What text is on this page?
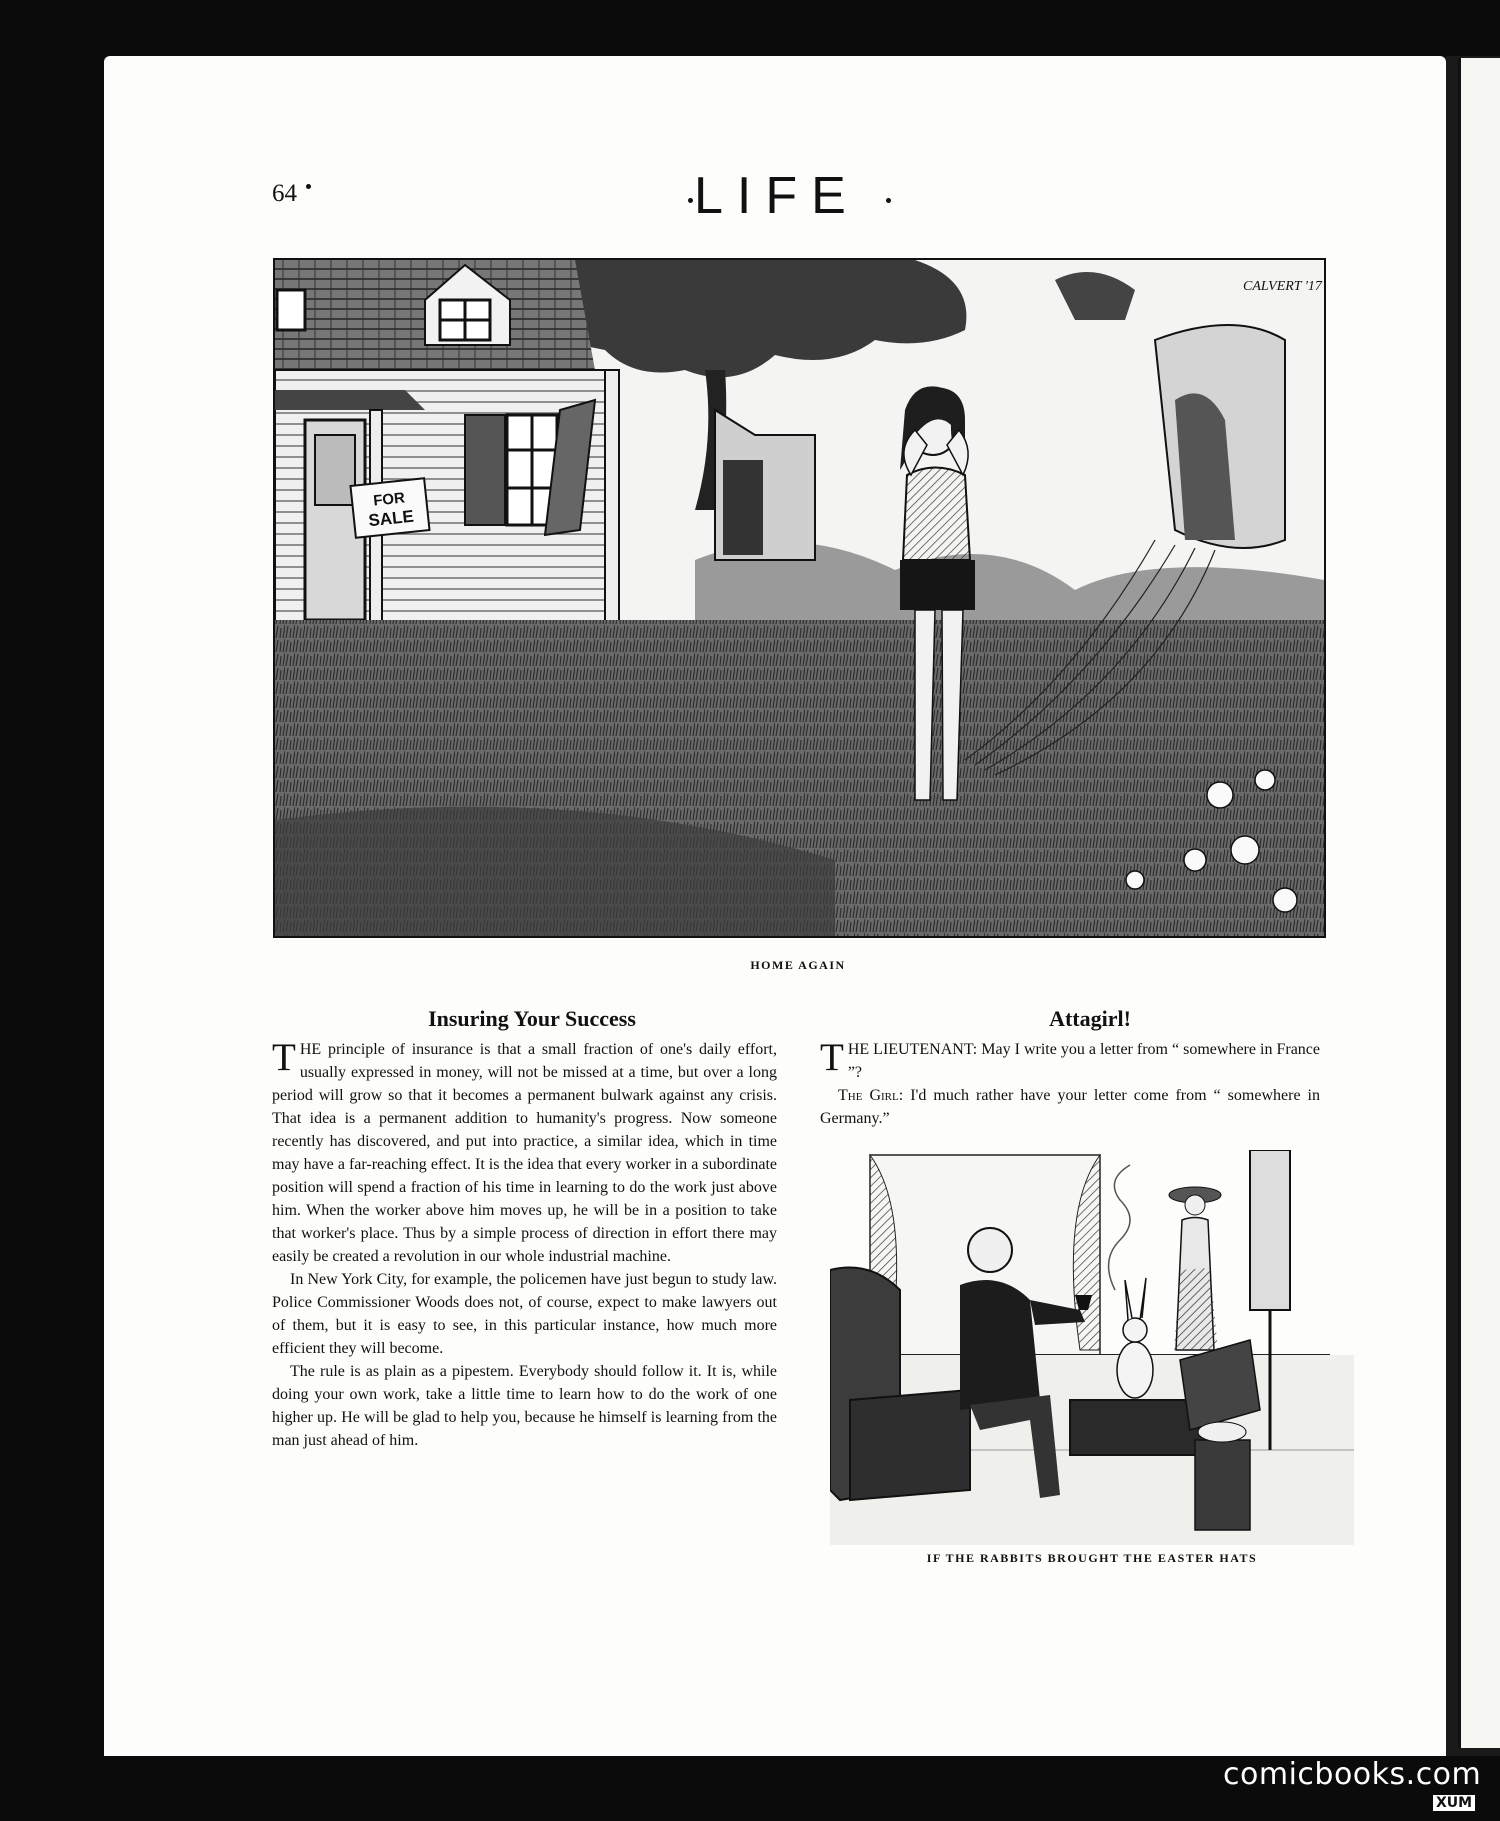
64	LIFE
FOR
SALE
CALVERT '17
HOME AGAIN
Insuring Your Success

THE principle of insurance is that a small fraction of one's daily effort, usually expressed in money, will not be missed at a time, but over a long period will grow so that it becomes a permanent bulwark against any crisis. That idea is a permanent addition to humanity's progress. Now someone recently has discovered, and put into practice, a similar idea, which in time may have a far-reaching effect. It is the idea that every worker in a subordinate position will spend a fraction of his time in learning to do the work just above him. When the worker above him moves up, he will be in a position to take that worker's place. Thus by a simple process of direction in effort there may easily be created a revolution in our whole industrial machine.

In New York City, for example, the policemen have just begun to study law. Police Commissioner Woods does not, of course, expect to make lawyers out of them, but it is easy to see, in this particular instance, how much more efficient they will become.

The rule is as plain as a pipestem. Everybody should follow it. It is, while doing your own work, take a little time to learn how to do the work of one higher up. He will be glad to help you, because he himself is learning from the man just ahead of him.

Attagirl!

THE LIEUTENANT: May I write you a letter from “ somewhere in France ”?

The Girl: I'd much rather have your letter come from “ somewhere in Germany.”

IF THE RABBITS BROUGHT THE EASTER HATS
comicbooks.com
XUM
